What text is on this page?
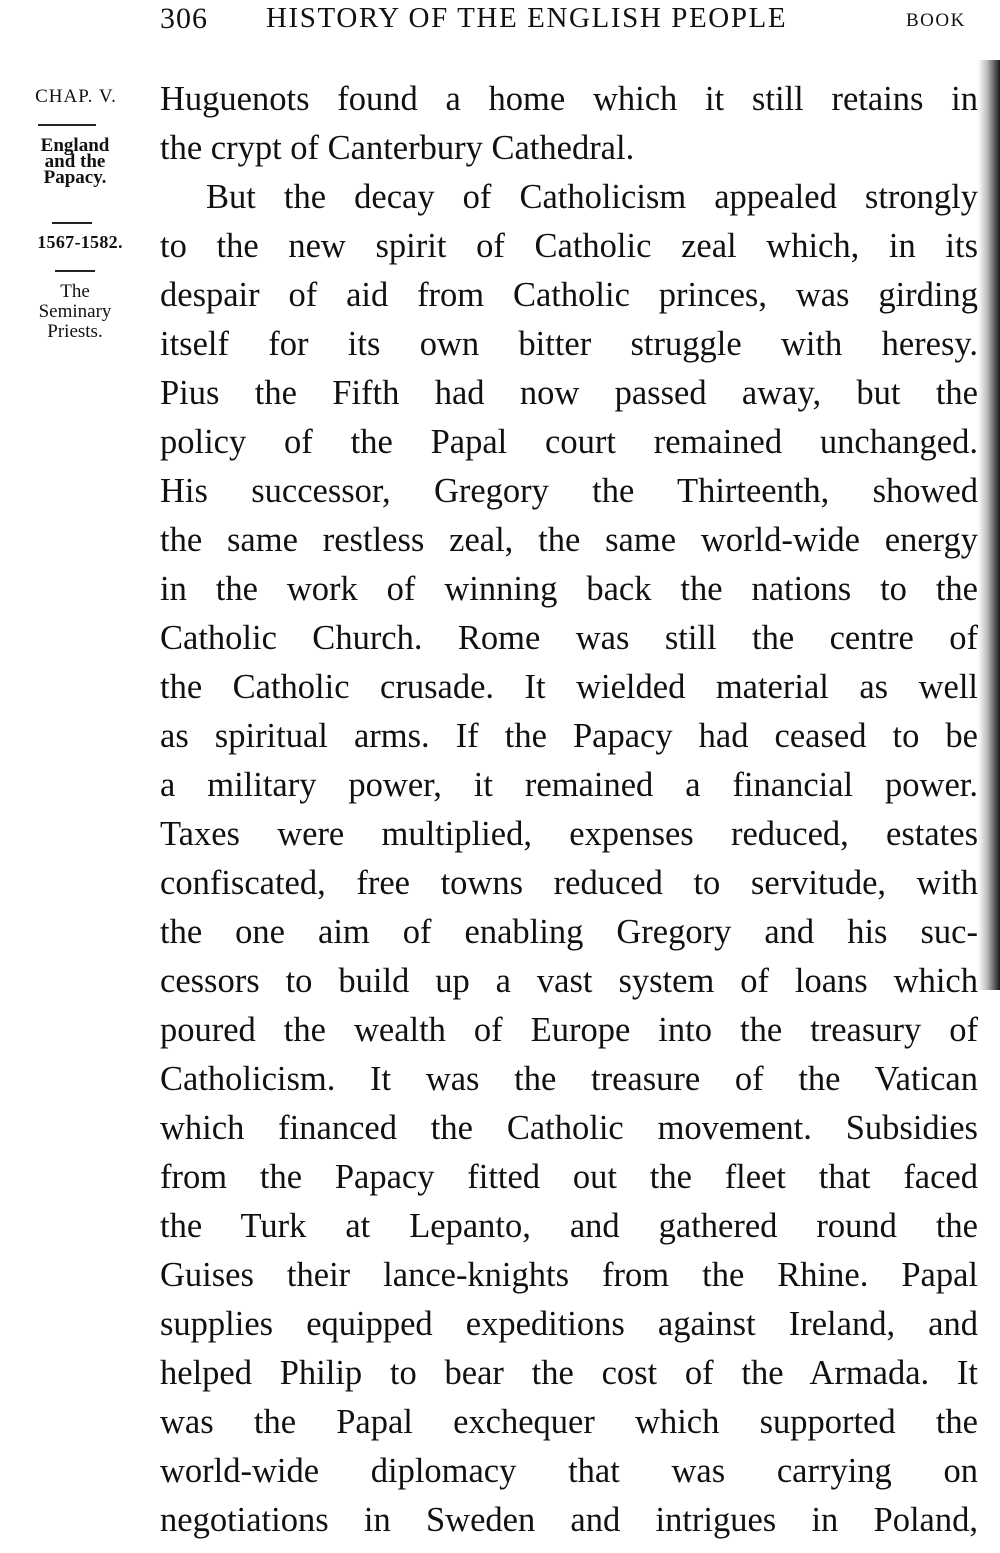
306 HISTORY OF THE ENGLISH PEOPLE	BOOK
CHAP. V.
England
and the
Papacy.
1567-1582.
The
Seminary
Priests.
Huguenots found a home which it still retains in
the crypt of Canterbury Cathedral.
But the decay of Catholicism appealed strongly
to the new spirit of Catholic zeal which, in its
despair of aid from Catholic princes, was girding
itself for its own bitter struggle with heresy.
Pius the Fifth had now passed away, but the
policy of the Papal court remained unchanged.
His successor, Gregory the Thirteenth, showed
the same restless zeal, the same world-wide energy
in the work of winning back the nations to the
Catholic Church. Rome was still the centre of
the Catholic crusade. It wielded material as well
as spiritual arms. If the Papacy had ceased to be
a military power, it remained a financial power.
Taxes were multiplied, expenses reduced, estates
confiscated, free towns reduced to servitude, with
the one aim of enabling Gregory and his suc-
cessors to build up a vast system of loans which
poured the wealth of Europe into the treasury of
Catholicism. It was the treasure of the Vatican
which financed the Catholic movement. Subsidies
from the Papacy fitted out the fleet that faced
the Turk at Lepanto, and gathered round the
Guises their lance-knights from the Rhine. Papal
supplies equipped expeditions against Ireland, and
helped Philip to bear the cost of the Armada. It
was the Papal exchequer which supported the
world-wide diplomacy that was carrying on
negotiations in Sweden and intrigues in Poland,
